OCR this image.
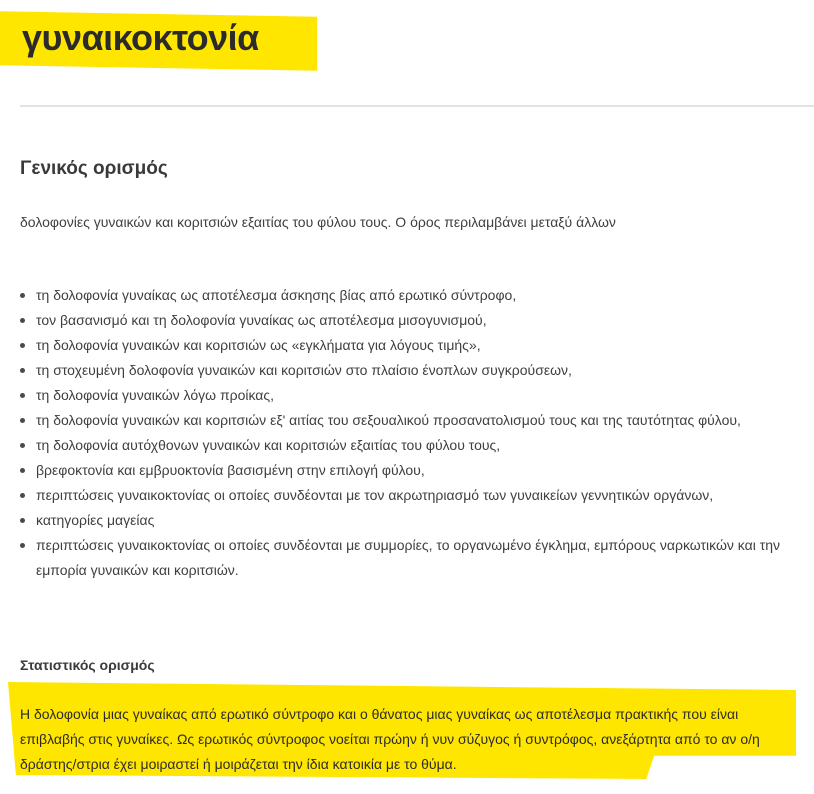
γυναικοκτονία
Γενικός ορισμός

δολοφονίες γυναικών και κοριτσιών εξαιτίας του φύλου τους. Ο όρος περιλαμβάνει μεταξύ άλλων

τη δολοφονία γυναίκας ως αποτέλεσμα άσκησης βίας από ερωτικό σύντροφο,
τον βασανισμό και τη δολοφονία γυναίκας ως αποτέλεσμα μισογυνισμού,
τη δολοφονία γυναικών και κοριτσιών ως «εγκλήματα για λόγους τιμής»,
τη στοχευμένη δολοφονία γυναικών και κοριτσιών στο πλαίσιο ένοπλων συγκρούσεων,
τη δολοφονία γυναικών λόγω προίκας,
τη δολοφονία γυναικών και κοριτσιών εξ' αιτίας του σεξουαλικού προσανατολισμού τους και της ταυτότητας φύλου,
τη δολοφονία αυτόχθονων γυναικών και κοριτσιών εξαιτίας του φύλου τους,
βρεφοκτονία και εμβρυοκτονία βασισμένη στην επιλογή φύλου,
περιπτώσεις γυναικοκτονίας οι οποίες συνδέονται με τον ακρωτηριασμό των γυναικείων γεννητικών οργάνων,
κατηγορίες μαγείας
περιπτώσεις γυναικοκτονίας οι οποίες συνδέονται με συμμορίες, το οργανωμένο έγκλημα, εμπόρους ναρκωτικών και την εμπορία γυναικών και κοριτσιών.
Στατιστικός ορισμός

Η δολοφονία μιας γυναίκας από ερωτικό σύντροφο και ο θάνατος μιας γυναίκας ως αποτέλεσμα πρακτικής που είναι επιβλαβής στις γυναίκες. Ως ερωτικός σύντροφος νοείται πρώην ή νυν σύζυγος ή συντρόφος, ανεξάρτητα από το αν ο/η δράστης/στρια έχει μοιραστεί ή μοιράζεται την ίδια κατοικία με το θύμα.
